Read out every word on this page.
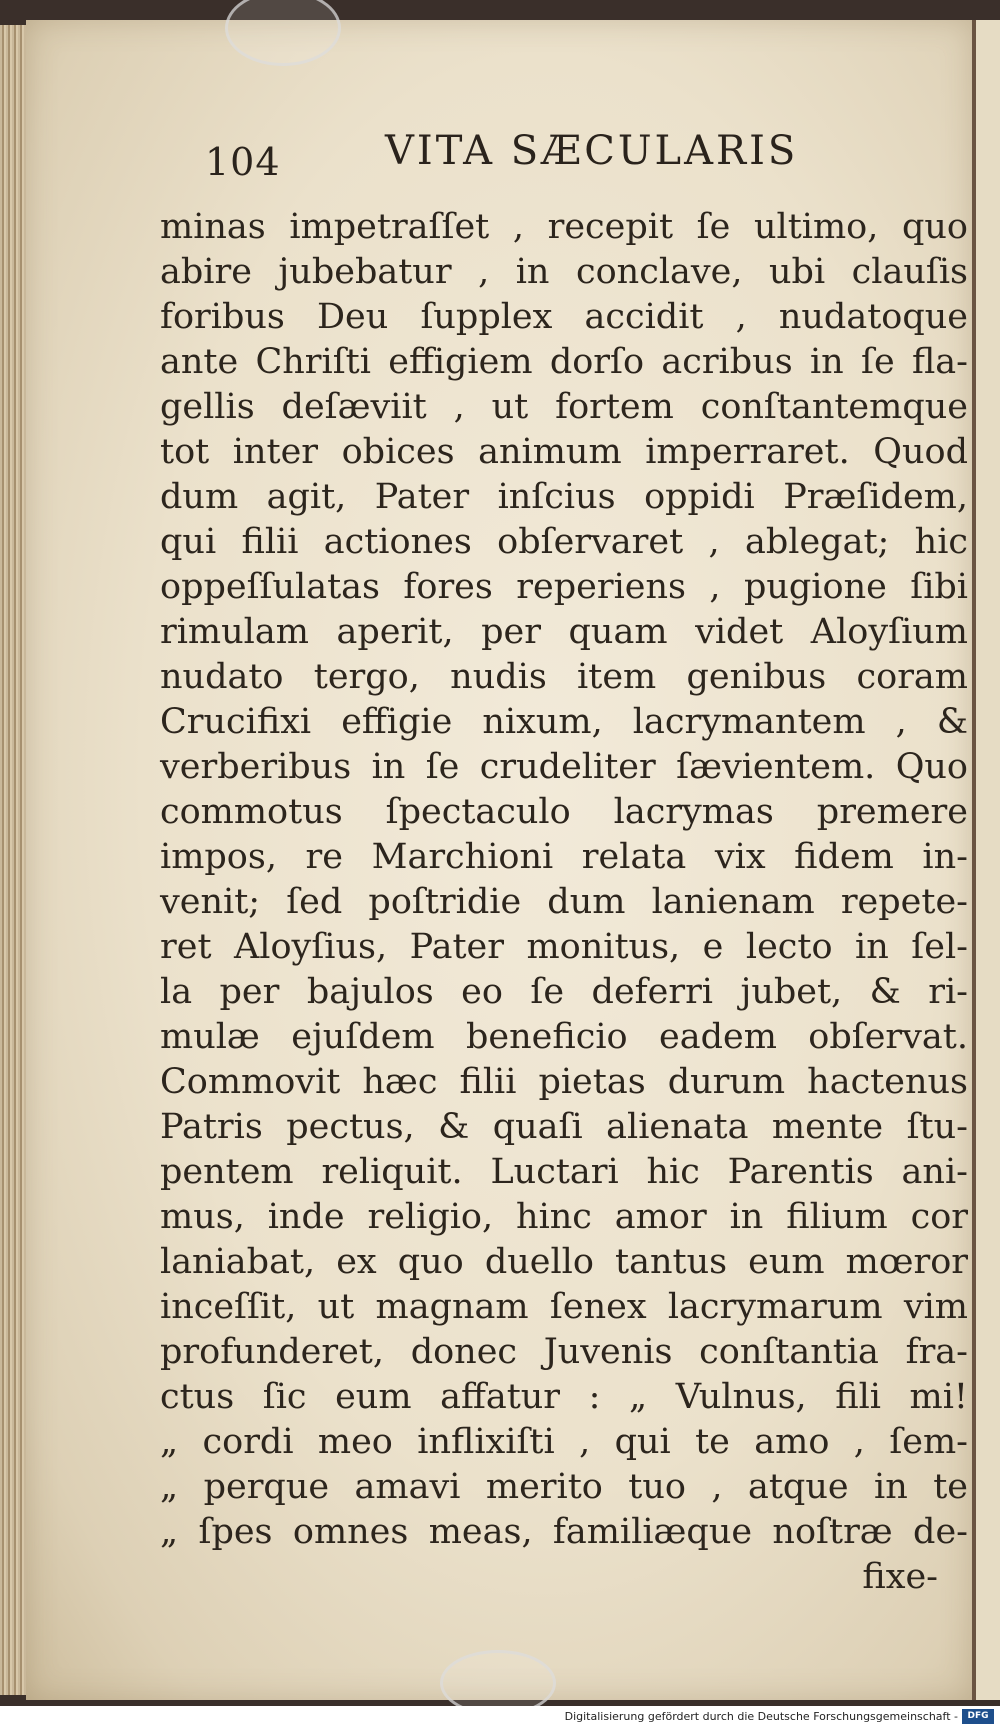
104	VITA SÆCULARIS
minas impetraſſet , recepit ſe ultimo, quo
abire jubebatur , in conclave, ubi clauſis
foribus Deu ſupplex accidit , nudatoque
ante Chriſti effigiem dorſo acribus in ſe fla-
gellis deſæviit , ut fortem conſtantemque
tot inter obices animum imperraret. Quod
dum agit, Pater inſcius oppidi Præſidem,
qui filii actiones obſervaret , ablegat; hic
oppeſſulatas fores reperiens , pugione ſibi
rimulam aperit, per quam videt Aloyſium
nudato tergo, nudis item genibus coram
Crucifixi effigie nixum, lacrymantem , &
verberibus in ſe crudeliter ſævientem. Quo
commotus ſpectaculo lacrymas premere
impos, re Marchioni relata vix fidem in-
venit; ſed poſtridie dum lanienam repete-
ret Aloyſius, Pater monitus, e lecto in ſel-
la per bajulos eo ſe deferri jubet, & ri-
mulæ ejuſdem beneficio eadem obſervat.
Commovit hæc filii pietas durum hactenus
Patris pectus, & quaſi alienata mente ſtu-
pentem reliquit. Luctari hic Parentis ani-
mus, inde religio, hinc amor in filium cor
laniabat, ex quo duello tantus eum mœror
inceſſit, ut magnam ſenex lacrymarum vim
profunderet, donec Juvenis conſtantia fra-
ctus ſic eum affatur : „ Vulnus, fili mi!
„ cordi meo inflixiſti , qui te amo , ſem-
„ perque amavi merito tuo , atque in te
„ ſpes omnes meas, familiæque noſtræ de-
fixe-
Digitalisierung gefördert durch die Deutsche Forschungsgemeinschaft -	DFG
